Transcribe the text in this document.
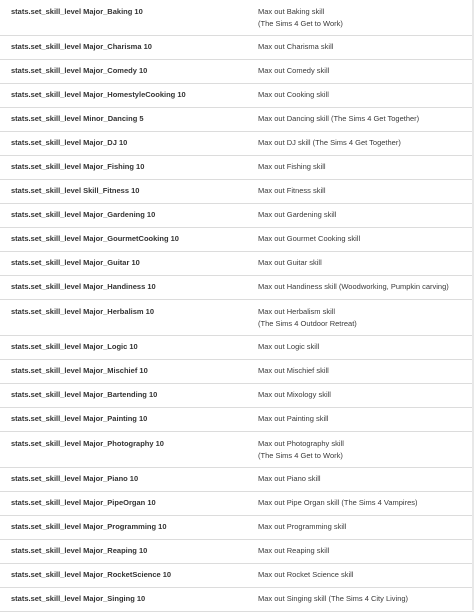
stats.set_skill_level Major_Baking 10	Max out Baking skill
(The Sims 4 Get to Work)

stats.set_skill_level Major_Charisma 10	Max out Charisma skill
stats.set_skill_level Major_Comedy 10	Max out Comedy skill
stats.set_skill_level Major_HomestyleCooking 10	Max out Cooking skill
stats.set_skill_level Minor_Dancing 5	Max out Dancing skill (The Sims 4 Get Together)
stats.set_skill_level Major_DJ 10	Max out DJ skill (The Sims 4 Get Together)
stats.set_skill_level Major_Fishing 10	Max out Fishing skill
stats.set_skill_level Skill_Fitness 10	Max out Fitness skill
stats.set_skill_level Major_Gardening 10	Max out Gardening skill
stats.set_skill_level Major_GourmetCooking 10	Max out Gourmet Cooking skill
stats.set_skill_level Major_Guitar 10	Max out Guitar skill
stats.set_skill_level Major_Handiness 10	Max out Handiness skill (Woodworking, Pumpkin carving)
stats.set_skill_level Major_Herbalism 10	Max out Herbalism skill
(The Sims 4 Outdoor Retreat)

stats.set_skill_level Major_Logic 10	Max out Logic skill
stats.set_skill_level Major_Mischief 10	Max out Mischief skill
stats.set_skill_level Major_Bartending 10	Max out Mixology skill
stats.set_skill_level Major_Painting 10	Max out Painting skill
stats.set_skill_level Major_Photography 10	Max out Photography skill
(The Sims 4 Get to Work)

stats.set_skill_level Major_Piano 10	Max out Piano skill
stats.set_skill_level Major_PipeOrgan 10	Max out Pipe Organ skill (The Sims 4 Vampires)
stats.set_skill_level Major_Programming 10	Max out Programming skill
stats.set_skill_level Major_Reaping 10	Max out Reaping skill
stats.set_skill_level Major_RocketScience 10	Max out Rocket Science skill
stats.set_skill_level Major_Singing 10	Max out Singing skill (The Sims 4 City Living)
